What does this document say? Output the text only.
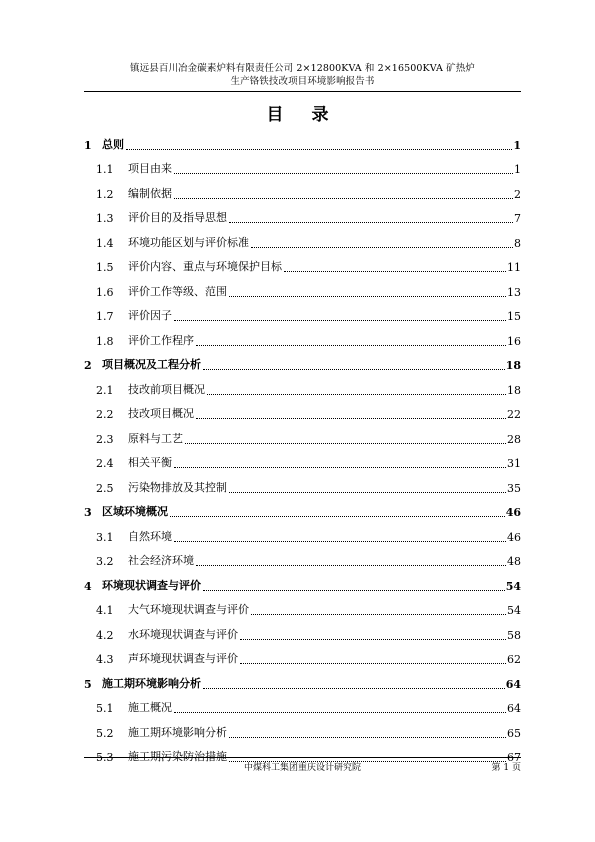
镇远县百川冶金碳素炉料有限责任公司 2×12800KVA 和 2×16500KVA 矿热炉
生产铬铁技改项目环境影响报告书
目录
1 总则	1
1.1	项目由来	1
1.2	编制依据	2
1.3	评价目的及指导思想	7
1.4	环境功能区划与评价标准	8
1.5	评价内容、重点与环境保护目标	11
1.6	评价工作等级、范围	13
1.7	评价因子	15
1.8	评价工作程序	16
2 项目概况及工程分析	18
2.1	技改前项目概况	18
2.2	技改项目概况	22
2.3	原料与工艺	28
2.4	相关平衡	31
2.5	污染物排放及其控制	35
3 区域环境概况	46
3.1	自然环境	46
3.2	社会经济环境	48
4 环境现状调查与评价	54
4.1	大气环境现状调查与评价	54
4.2	水环境现状调查与评价	58
4.3	声环境现状调查与评价	62
5 施工期环境影响分析	64
5.1	施工概况	64
5.2	施工期环境影响分析	65
5.3	施工期污染防治措施	67
中煤科工集团重庆设计研究院	第 1 页
